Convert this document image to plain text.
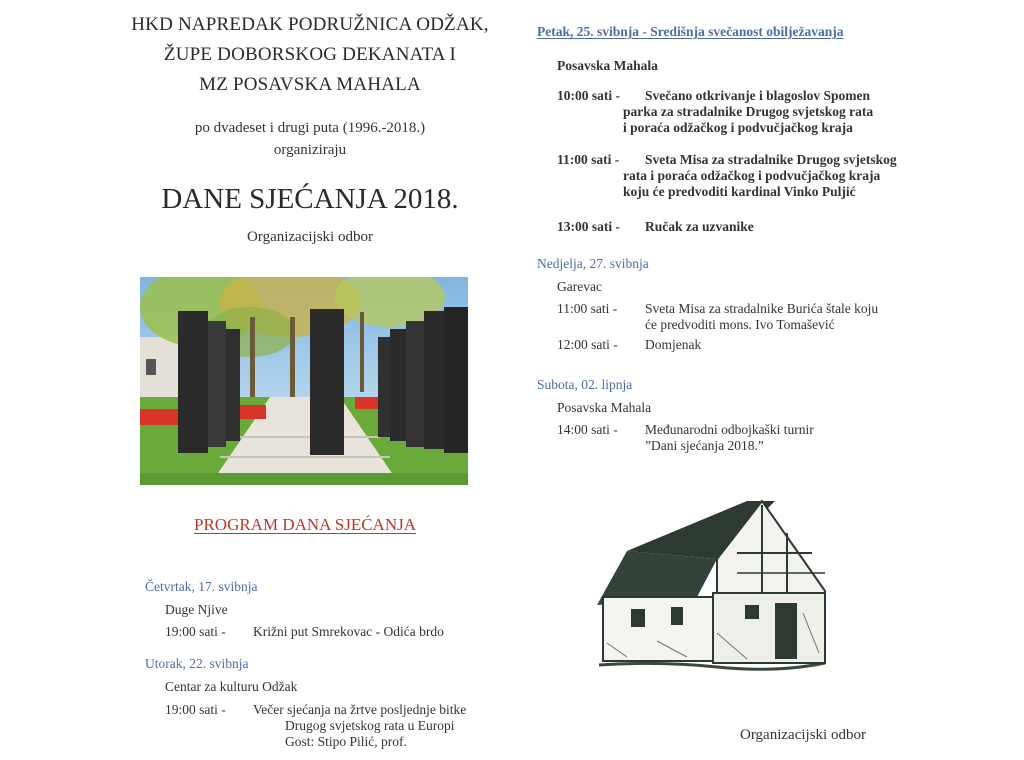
HKD NAPREDAK PODRUŽNICA ODŽAK,
ŽUPE DOBORSKOG DEKANATA I
MZ POSAVSKA MAHALA
po dvadeset i drugi puta (1996.-2018.)
organiziraju
DANE SJEĆANJA 2018.
Organizacijski odbor
PROGRAM DANA SJEĆANJA
Četvrtak, 17. svibnja
Duge Njive
19:00 sati - Križni put Smrekovac - Odića brdo
Utorak, 22. svibnja
Centar za kulturu Odžak
19:00 sati - Večer sjećanja na žrtve posljednje bitke
Drugog svjetskog rata u Europi
Gost: Stipo Pilić, prof.
Petak, 25. svibnja - Središnja svečanost obilježavanja
Posavska Mahala
10:00 sati - Svečano otkrivanje i blagoslov Spomen
parka za stradalnike Drugog svjetskog rata
i poraća odžačkog i podvučjačkog kraja
11:00 sati - Sveta Misa za stradalnike Drugog svjetskog
rata i poraća odžačkog i podvučjačkog kraja
koju će predvoditi kardinal Vinko Puljić
13:00 sati - Ručak za uzvanike
Nedjelja, 27. svibnja
Garevac
11:00 sati - Sveta Misa za stradalnike Burića štale koju
će predvoditi mons. Ivo Tomašević
12:00 sati - Domjenak
Subota, 02. lipnja
Posavska Mahala
14:00 sati - Međunarodni odbojkaški turnir
”Dani sjećanja 2018.”
Organizacijski odbor
